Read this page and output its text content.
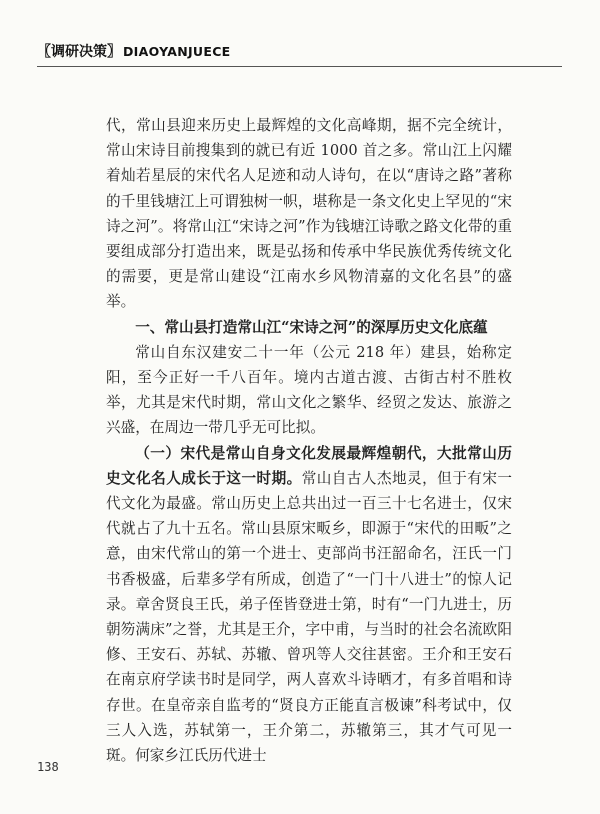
〖调研决策〗 DIAOYANJUECE

代，常山县迎来历史上最辉煌的文化高峰期，据不完全统计，常山宋诗目前搜集到的就已有近 1000 首之多。常山江上闪耀着灿若星辰的宋代名人足迹和动人诗句，在以“唐诗之路”著称的千里钱塘江上可谓独树一帜，堪称是一条文化史上罕见的“宋诗之河”。将常山江“宋诗之河”作为钱塘江诗歌之路文化带的重要组成部分打造出来，既是弘扬和传承中华民族优秀传统文化的需要，更是常山建设“江南水乡风物清嘉的文化名县”的盛举。

一、常山县打造常山江“宋诗之河”的深厚历史文化底蕴

常山自东汉建安二十一年（公元 218 年）建县，始称定阳，至今正好一千八百年。境内古道古渡、古街古村不胜枚举，尤其是宋代时期，常山文化之繁华、经贸之发达、旅游之兴盛，在周边一带几乎无可比拟。

（一）宋代是常山自身文化发展最辉煌朝代，大批常山历史文化名人成长于这一时期。常山自古人杰地灵，但于有宋一代文化为最盛。常山历史上总共出过一百三十七名进士，仅宋代就占了九十五名。常山县原宋畈乡，即源于“宋代的田畈”之意，由宋代常山的第一个进士、吏部尚书汪韶命名，汪氏一门书香极盛，后辈多学有所成，创造了“一门十八进士”的惊人记录。章舍贤良王氏，弟子侄皆登进士第，时有“一门九进士，历朝笏满床”之誉，尤其是王介，字中甫，与当时的社会名流欧阳修、王安石、苏轼、苏辙、曾巩等人交往甚密。王介和王安石在南京府学读书时是同学，两人喜欢斗诗晒才，有多首唱和诗存世。在皇帝亲自监考的“贤良方正能直言极谏”科考试中，仅三人入选，苏轼第一，王介第二，苏辙第三，其才气可见一斑。何家乡江氏历代进士

138
